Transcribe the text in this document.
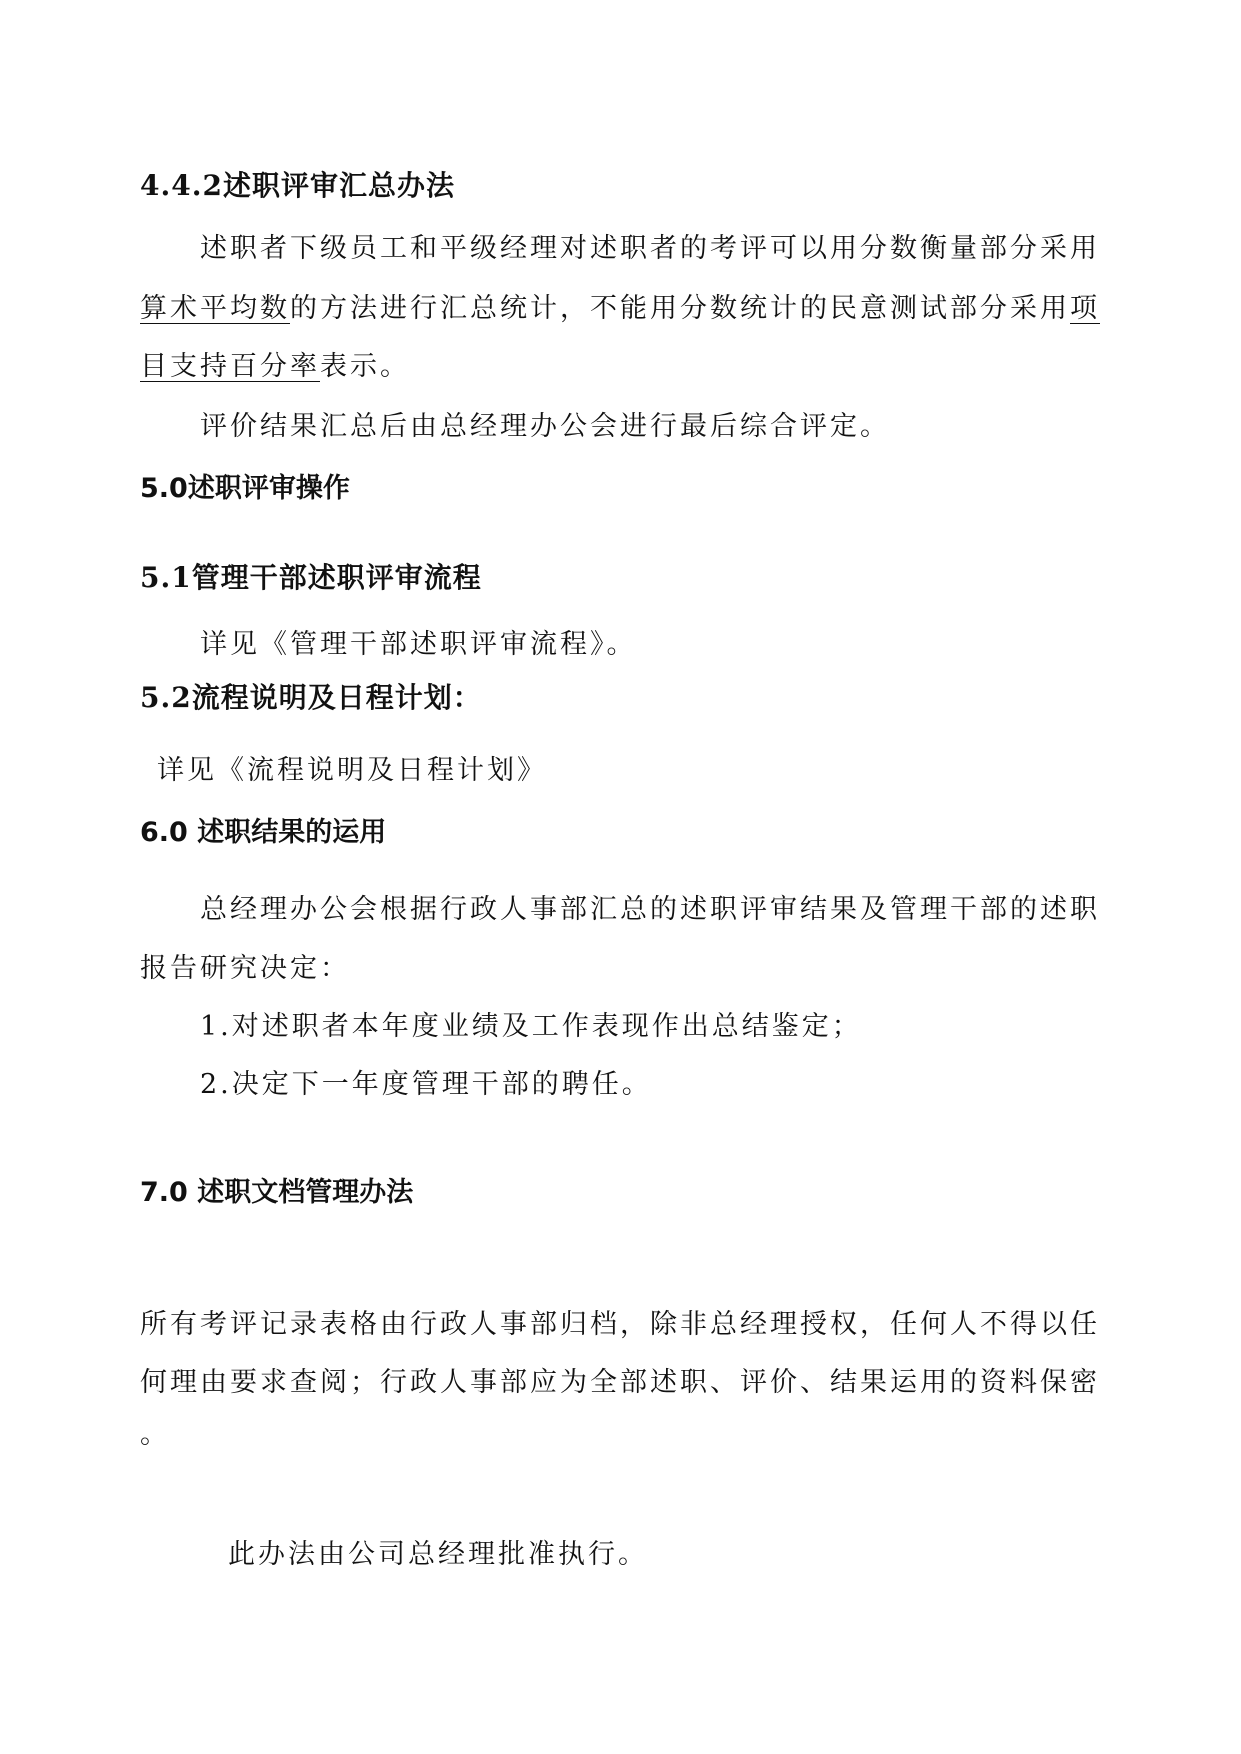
4.4.2述职评审汇总办法
述职者下级员工和平级经理对述职者的考评可以用分数衡量部分采用
算术平均数的方法进行汇总统计，不能用分数统计的民意测试部分采用项
目支持百分率表示。
评价结果汇总后由总经理办公会进行最后综合评定。
5.0述职评审操作
5.1管理干部述职评审流程
详见《管理干部述职评审流程》。
5.2流程说明及日程计划：
详见《流程说明及日程计划》
6.0 述职结果的运用
总经理办公会根据行政人事部汇总的述职评审结果及管理干部的述职
报告研究决定：
1.对述职者本年度业绩及工作表现作出总结鉴定；
2.决定下一年度管理干部的聘任。
7.0 述职文档管理办法
所有考评记录表格由行政人事部归档，除非总经理授权，任何人不得以任
何理由要求查阅；行政人事部应为全部述职、评价、结果运用的资料保密
。
此办法由公司总经理批准执行。
